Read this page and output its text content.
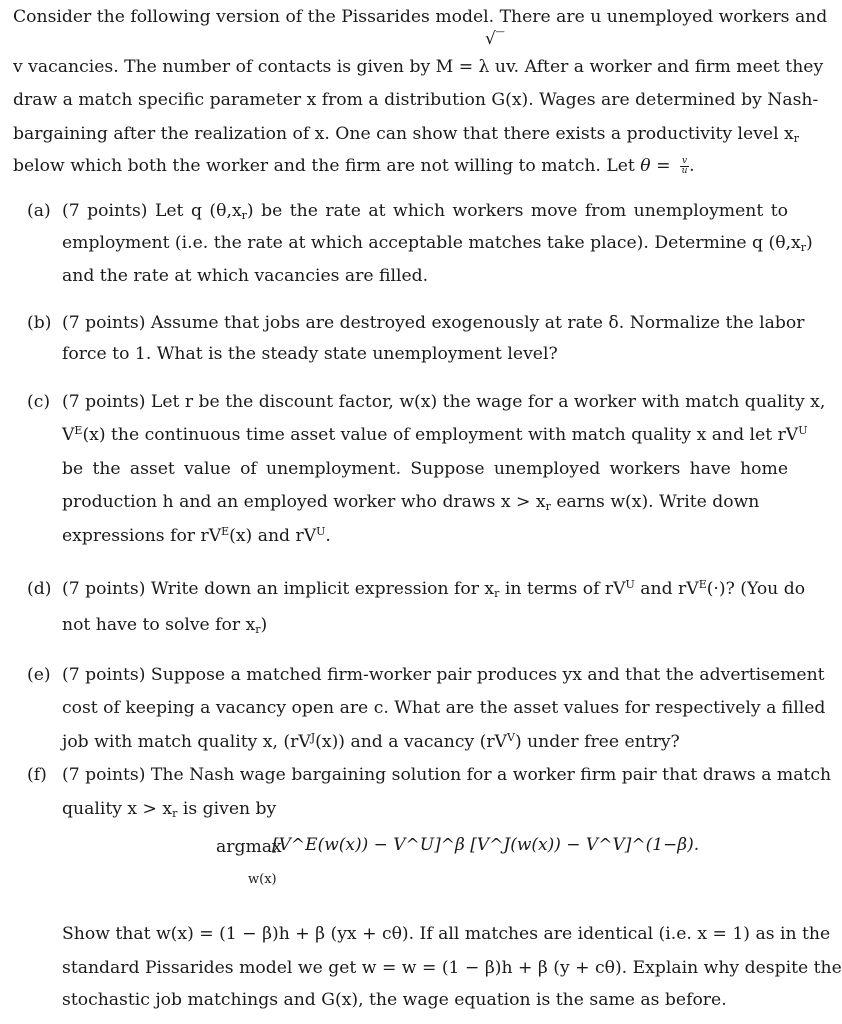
Consider the following version of the Pissarides model. There are u unemployed workers and
√‾
v vacancies. The number of contacts is given by M = λ uv. After a worker and firm meet they
draw a match specific parameter x from a distribution G(x). Wages are determined by Nash-
bargaining after the realization of x. One can show that there exists a productivity level $x_r$
below which both the worker and the firm are not willing to match. Let $\theta = \frac{v}{u}$ .
(a) (7 points) Let q $(\theta,x_r)$ be the rate at which workers move from unemployment to
employment (i.e. the rate at which acceptable matches take place). Determine q $(\theta,x_r)$
and the rate at which vacancies are filled.
(b) (7 points) Assume that jobs are destroyed exogenously at rate δ. Normalize the labor
force to 1. What is the steady state unemployment level?
(c) (7 points) Let r be the discount factor, w(x) the wage for a worker with match quality x,
$V^E(x)$ the continuous time asset value of employment with match quality x and let $rV^U$
be the asset value of unemployment. Suppose unemployed workers have home
production h and an employed worker who draws $x > x_r$ earns w(x). Write down
expressions for $rV^E(x)$ and $rV^U$.
(d) (7 points) Write down an implicit expression for $x_r$ in terms of $rV^U$ and $rV^E(\cdot)$? (You do
not have to solve for $x_r$)
(e) (7 points) Suppose a matched firm-worker pair produces yx and that the advertisement
cost of keeping a vacancy open are c. What are the asset values for respectively a filled
job with match quality x, $(rV^J(x))$ and a vacancy $(rV^V)$ under free entry?
(f) (7 points) The Nash wage bargaining solution for a worker firm pair that draws a match
quality $x > x_r$ is given by
argmax
w(x)
[V^E(w(x)) − V^U]^β [V^J(w(x)) − V^V]^(1−β).
Show that w(x) = (1 − β)h + β (yx + cθ). If all matches are identical (i.e. x = 1) as in the
standard Pissarides model we get w = w = (1 − β)h + β (y + cθ). Explain why despite the
stochastic job matchings and G(x), the wage equation is the same as before.
